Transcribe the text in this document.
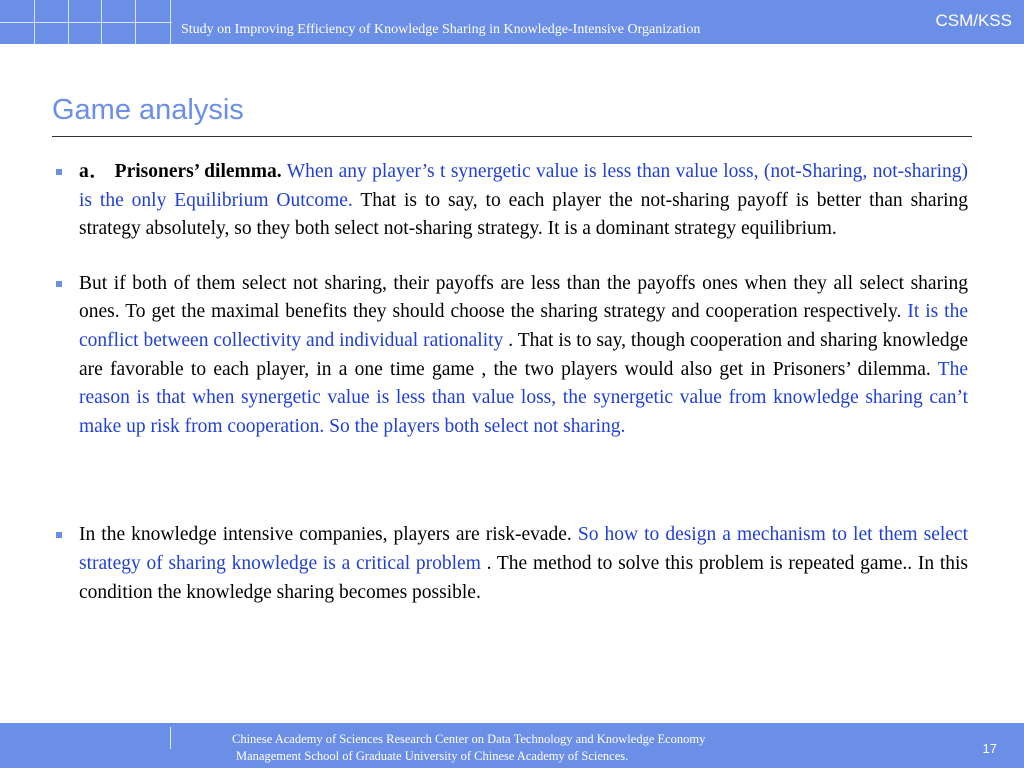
Study on Improving Efficiency of Knowledge Sharing in Knowledge-Intensive Organization	CSM/KSS
Game analysis
a． Prisoners’ dilemma. When any player’s t synergetic value is less than value loss, (not-Sharing, not-sharing) is the only Equilibrium Outcome. That is to say, to each player the not-sharing payoff is better than sharing strategy absolutely, so they both select not-sharing strategy. It is a dominant strategy equilibrium.
But if both of them select not sharing, their payoffs are less than the payoffs ones when they all select sharing ones. To get the maximal benefits they should choose the sharing strategy and cooperation respectively. It is the conflict between collectivity and individual rationality . That is to say, though cooperation and sharing knowledge are favorable to each player, in a one time game , the two players would also get in Prisoners’ dilemma. The reason is that when synergetic value is less than value loss, the synergetic value from knowledge sharing can’t make up risk from cooperation. So the players both select not sharing.
In the knowledge intensive companies, players are risk-evade. So how to design a mechanism to let them select strategy of sharing knowledge is a critical problem . The method to solve this problem is repeated game.. In this condition the knowledge sharing becomes possible.
Chinese Academy of Sciences Research Center on Data Technology and Knowledge Economy
Management School of Graduate University of Chinese Academy of Sciences.	17
